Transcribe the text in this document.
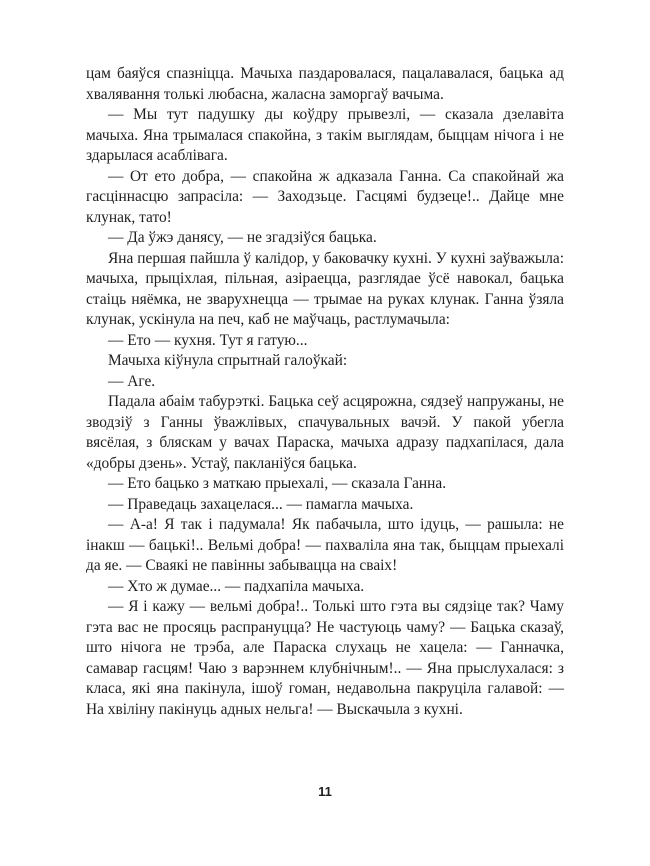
цам баяўся спазніцца. Мачыха паздаровалася, пацалавалася, бацька ад хвалявання толькі любасна, жаласна заморгаў вачыма.

— Мы тут падушку ды коўдру прывезлі, — сказала дзелавіта мачыха. Яна трымалася спакойна, з такім выглядам, быццам нічога і не здарылася асаблівага.

— От ето добра, — спакойна ж адказала Ганна. Са спакойнай жа гасціннасцю запрасіла: — Заходзьце. Гасцямі будзеце!.. Дайце мне клунак, тато!

— Да ўжэ данясу, — не згадзіўся бацька.

Яна першая пайшла ў калідор, у баковачку кухні. У кухні заўважыла: мачыха, прыціхлая, пільная, азіраецца, разглядае ўсё навокал, бацька стаіць няёмка, не зварухнецца — трымае на руках клунак. Ганна ўзяла клунак, ускінула на печ, каб не маўчаць, растлумачыла:

— Ето — кухня. Тут я гатую...

Мачыха кіўнула спрытнай галоўкай:

— Аге.

Падала абаім табурэткі. Бацька сеў асцярожна, сядзеў напружаны, не зводзіў з Ганны ўважлівых, спачувальных вачэй. У пакой убегла вясёлая, з бляскам у вачах Параска, мачыха адразу падхапілася, дала «добры дзень». Устаў, пакланіўся бацька.

— Ето бацько з маткаю прыехалі, — сказала Ганна.

— Праведаць захацелася... — памагла мачыха.

— А-а! Я так і падумала! Як пабачыла, што ідуць, — рашыла: не інакш — бацькі!.. Вельмі добра! — пахваліла яна так, быццам прыехалі да яе. — Сваякі не павінны забывацца на сваіх!

— Хто ж думае... — падхапіла мачыха.

— Я і кажу — вельмі добра!.. Толькі што гэта вы сядзіце так? Чаму гэта вас не просяць распрануцца? Не частуюць чаму? — Бацька сказаў, што нічога не трэба, але Параска слухаць не хацела: — Ганначка, самавар гасцям! Чаю з варэннем клубнічным!.. — Яна прыслухалася: з класа, які яна пакінула, ішоў гоман, недавольна пакруціла галавой: — На хвіліну пакінуць адных нельга! — Выскачыла з кухні.

11
